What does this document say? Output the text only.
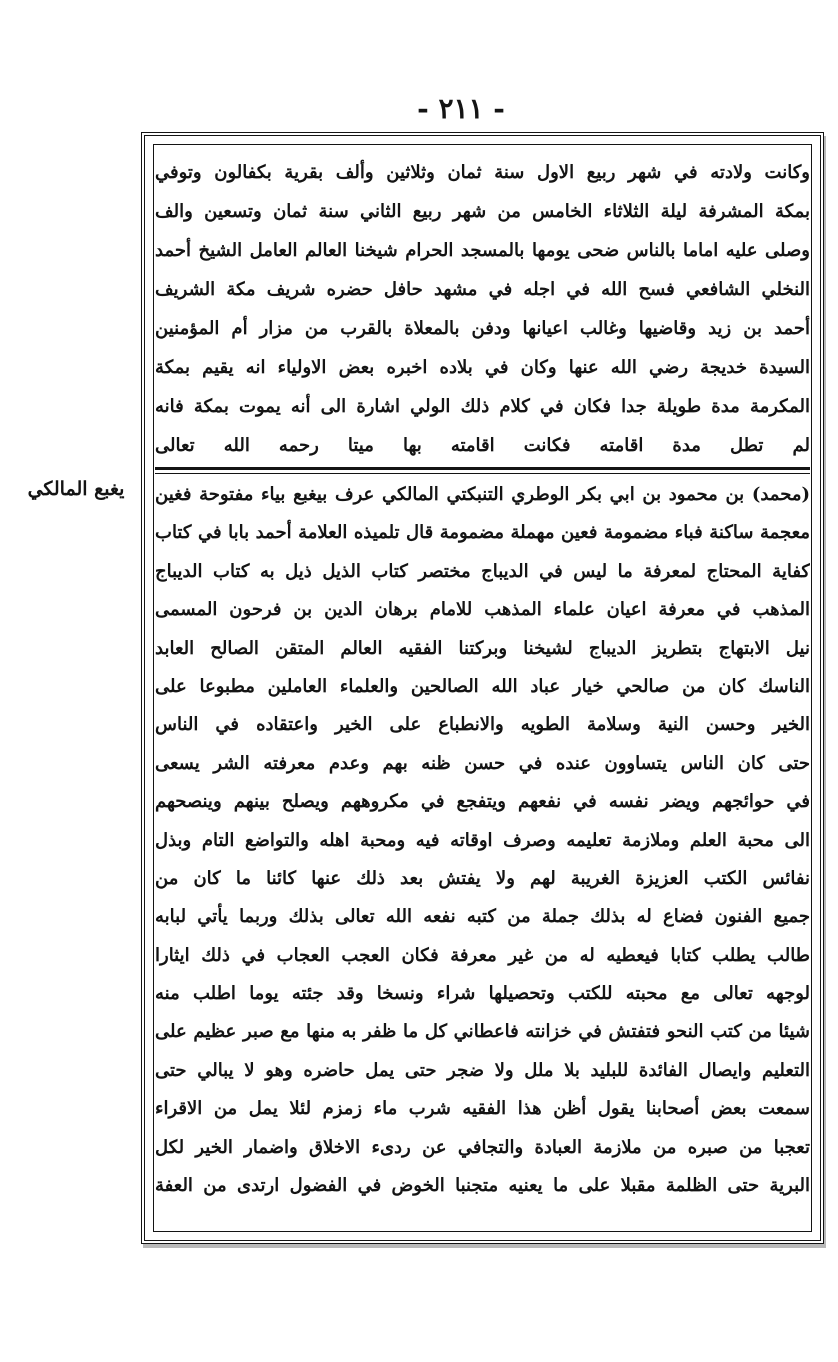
- ٢١١ -
يغبع المالكي
وكانت ولادته في شهر ربيع الاول سنة ثمان وثلاثين وألف بقرية بكفالون وتوفي
بمكة المشرفة ليلة الثلاثاء الخامس من شهر ربيع الثاني سنة ثمان وتسعين والف
وصلى عليه اماما بالناس ضحى يومها بالمسجد الحرام شيخنا العالم العامل الشيخ أحمد
النخلي الشافعي فسح الله في اجله في مشهد حافل حضره شريف مكة الشريف
أحمد بن زيد وقاضيها وغالب اعيانها ودفن بالمعلاة بالقرب من مزار أم المؤمنين
السيدة خديجة رضي الله عنها وكان في بلاده اخبره بعض الاولياء انه يقيم بمكة
المكرمة مدة طويلة جدا فكان في كلام ذلك الولي اشارة الى أنه يموت بمكة فانه
لم تطل مدة اقامته فكانت اقامته بها ميتا رحمه الله تعالى
(محمد) بن محمود بن ابي بكر الوطري التنبكتي المالكي عرف بيغبع بياء مفتوحة فغين
معجمة ساكنة فباء مضمومة فعين مهملة مضمومة قال تلميذه العلامة أحمد بابا في كتاب
كفاية المحتاج لمعرفة ما ليس في الديباج مختصر كتاب الذيل ذيل به كتاب الديباج
المذهب في معرفة اعيان علماء المذهب للامام برهان الدين بن فرحون المسمى
نيل الابتهاج بتطريز الديباج لشيخنا وبركتنا الفقيه العالم المتقن الصالح العابد
الناسك كان من صالحي خيار عباد الله الصالحين والعلماء العاملين مطبوعا على
الخير وحسن النية وسلامة الطويه والانطباع على الخير واعتقاده في الناس
حتى كان الناس يتساوون عنده في حسن ظنه بهم وعدم معرفته الشر يسعى
في حوائجهم ويضر نفسه في نفعهم ويتفجع في مكروههم ويصلح بينهم وينصحهم
الى محبة العلم وملازمة تعليمه وصرف اوقاته فيه ومحبة اهله والتواضع التام وبذل
نفائس الكتب العزيزة الغريبة لهم ولا يفتش بعد ذلك عنها كائنا ما كان من
جميع الفنون فضاع له بذلك جملة من كتبه نفعه الله تعالى بذلك وربما يأتي لبابه
طالب يطلب كتابا فيعطيه له من غير معرفة فكان العجب العجاب في ذلك ايثارا
لوجهه تعالى مع محبته للكتب وتحصيلها شراء ونسخا وقد جئته يوما اطلب منه
شيئا من كتب النحو فتفتش في خزانته فاعطاني كل ما ظفر به منها مع صبر عظيم على
التعليم وايصال الفائدة للبليد بلا ملل ولا ضجر حتى يمل حاضره وهو لا يبالي حتى
سمعت بعض أصحابنا يقول أظن هذا الفقيه شرب ماء زمزم لئلا يمل من الاقراء
تعجبا من صبره من ملازمة العبادة والتجافي عن ردىء الاخلاق واضمار الخير لكل
البرية حتى الظلمة مقبلا على ما يعنيه متجنبا الخوض في الفضول ارتدى من العفة
